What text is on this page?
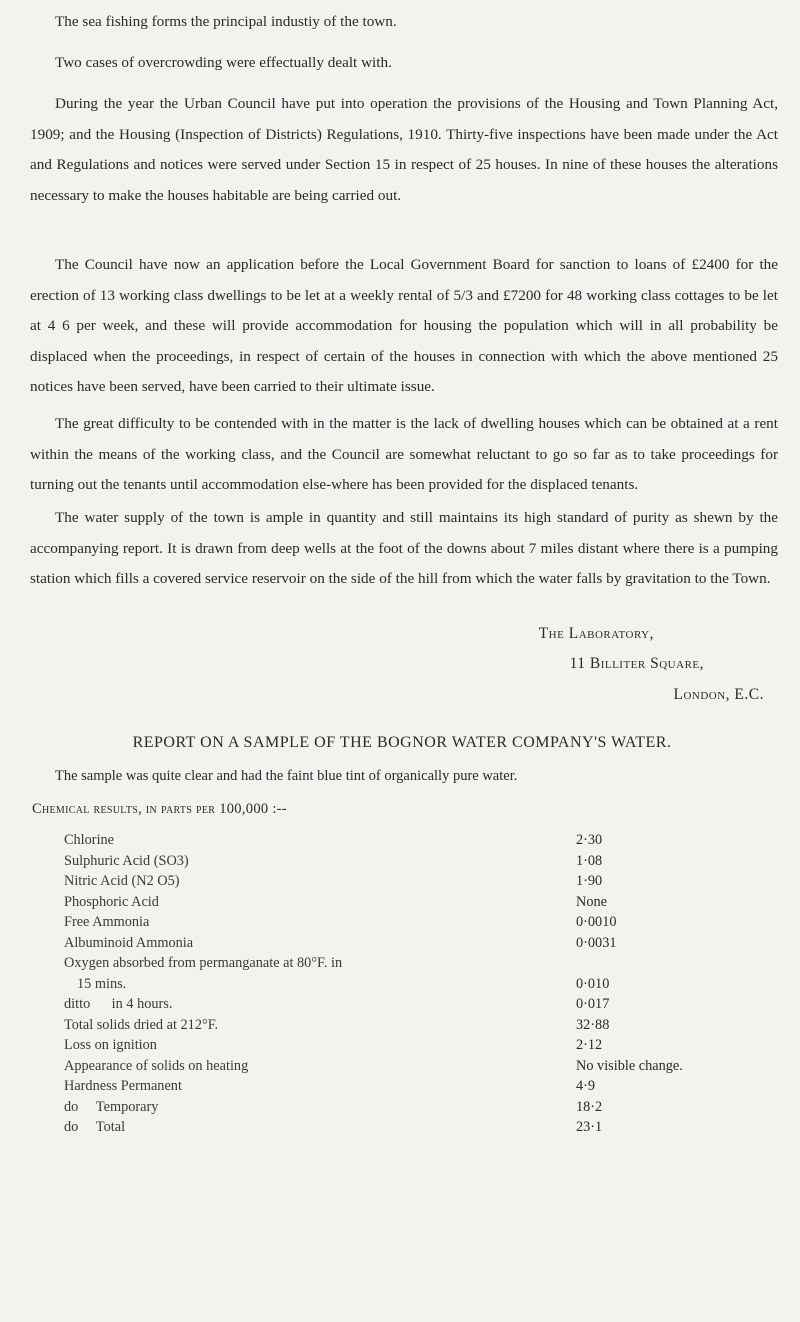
The sea fishing forms the principal industiy of the town.

Two cases of overcrowding were effectually dealt with.

During the year the Urban Council have put into operation the provisions of the Housing and Town Planning Act, 1909; and the Housing (Inspection of Districts) Regulations, 1910. Thirty-five inspections have been made under the Act and Regulations and notices were served under Section 15 in respect of 25 houses. In nine of these houses the alterations necessary to make the houses habitable are being carried out.

The Council have now an application before the Local Government Board for sanction to loans of £2400 for the erection of 13 working class dwellings to be let at a weekly rental of 5/3 and £7200 for 48 working class cottages to be let at 4 6 per week, and these will provide accommodation for housing the population which will in all probability be displaced when the proceedings, in respect of certain of the houses in connection with which the above mentioned 25 notices have been served, have been carried to their ultimate issue.

The great difficulty to be contended with in the matter is the lack of dwelling houses which can be obtained at a rent within the means of the working class, and the Council are somewhat reluctant to go so far as to take proceedings for turning out the tenants until accommodation else-where has been provided for the displaced tenants.

The water supply of the town is ample in quantity and still maintains its high standard of purity as shewn by the accompanying report. It is drawn from deep wells at the foot of the downs about 7 miles distant where there is a pumping station which fills a covered service reservoir on the side of the hill from which the water falls by gravitation to the Town.

The Laboratory,
11 Billiter Square,
London, E.C.
REPORT ON A SAMPLE OF THE BOGNOR WATER COMPANY'S WATER.

The sample was quite clear and had the faint blue tint of organically pure water.

Chemical results, in parts per 100,000 :--

Chlorine	2·30
Sulphuric Acid (SO3)	1·08
Nitric Acid (N2 O5)	1·90
Phosphoric Acid	None
Free Ammonia	0·0010
Albuminoid Ammonia	0·0031
Oxygen absorbed from permanganate at 80°F. in
15 mins.	0·010
ditto      in 4 hours.	0·017
Total solids dried at 212°F.	32·88
Loss on ignition	2·12
Appearance of solids on heating	No visible change.
Hardness Permanent	4·9
do     Temporary	18·2
do     Total	23·1
